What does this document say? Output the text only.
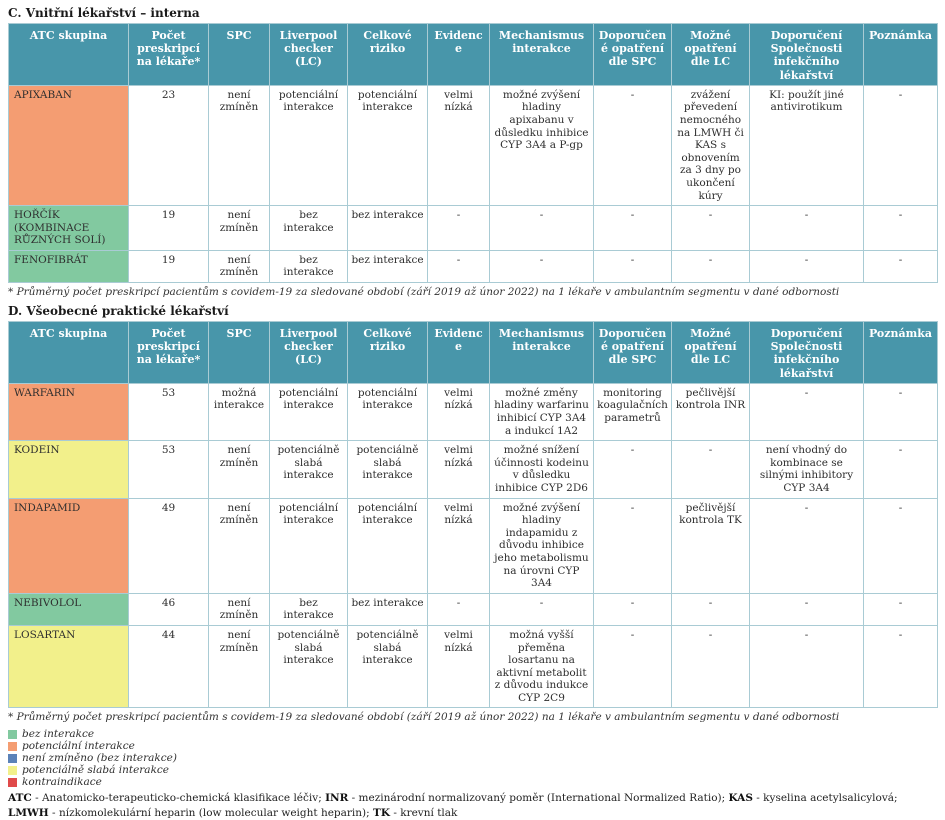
C. Vnitřní lékařství – interna
ATC skupina	Počet preskripcí na lékaře*	SPC	Liverpool checker (LC)	Celkové riziko	Evidence	Mechanismus interakce	Doporučené opatření dle SPC	Možné opatření dle LC	Doporučení Společnosti infekčního lékařství	Poznámka
APIXABAN	23	není zmíněn	potenciální interakce	potenciální interakce	velmi nízká	možné zvýšení hladiny apixabanu v důsledku inhibice CYP 3A4 a P-gp	-	zvážení převedení nemocného na LMWH či KAS s obnovením za 3 dny po ukončení kúry	KI: použít jiné antivirotikum	-
HOŘČÍK (KOMBINACE RŮZNÝCH SOLÍ)	19	není zmíněn	bez interakce	bez interakce	-	-	-	-	-	-
FENOFIBRÁT	19	není zmíněn	bez interakce	bez interakce	-	-	-	-	-	-
* Průměrný počet preskripcí pacientům s covidem-19 za sledované období (září 2019 až únor 2022) na 1 lékaře v ambulantním segmentu v dané odbornosti
D. Všeobecné praktické lékařství
ATC skupina	Počet preskripcí na lékaře*	SPC	Liverpool checker (LC)	Celkové riziko	Evidence	Mechanismus interakce	Doporučené opatření dle SPC	Možné opatření dle LC	Doporučení Společnosti infekčního lékařství	Poznámka
WARFARIN	53	možná interakce	potenciální interakce	potenciální interakce	velmi nízká	možné změny hladiny warfarinu inhibicí CYP 3A4 a indukcí 1A2	monitoring koagulačních parametrů	pečlivější kontrola INR	-	-
KODEIN	53	není zmíněn	potenciálně slabá interakce	potenciálně slabá interakce	velmi nízká	možné snížení účinnosti kodeinu v důsledku inhibice CYP 2D6	-	-	není vhodný do kombinace se silnými inhibitory CYP 3A4	-
INDAPAMID	49	není zmíněn	potenciální interakce	potenciální interakce	velmi nízká	možné zvýšení hladiny indapamidu z důvodu inhibice jeho metabolismu na úrovni CYP 3A4	-	pečlivější kontrola TK	-	-
NEBIVOLOL	46	není zmíněn	bez interakce	bez interakce	-	-	-	-	-	-
LOSARTAN	44	není zmíněn	potenciálně slabá interakce	potenciálně slabá interakce	velmi nízká	možná vyšší přeměna losartanu na aktivní metabolit z důvodu indukce CYP 2C9	-	-	-	-
* Průměrný počet preskripcí pacientům s covidem-19 za sledované období (září 2019 až únor 2022) na 1 lékaře v ambulantním segmentu v dané odbornosti
bez interakce
potenciální interakce
není zmíněno (bez interakce)
potenciálně slabá interakce
kontraindikace
ATC - Anatomicko-terapeuticko-chemická klasifikace léčiv; INR - mezinárodní normalizovaný poměr (International Normalized Ratio); KAS - kyselina acetylsalicylová; LMWH - nízkomolekulární heparin (low molecular weight heparin); TK - krevní tlak
